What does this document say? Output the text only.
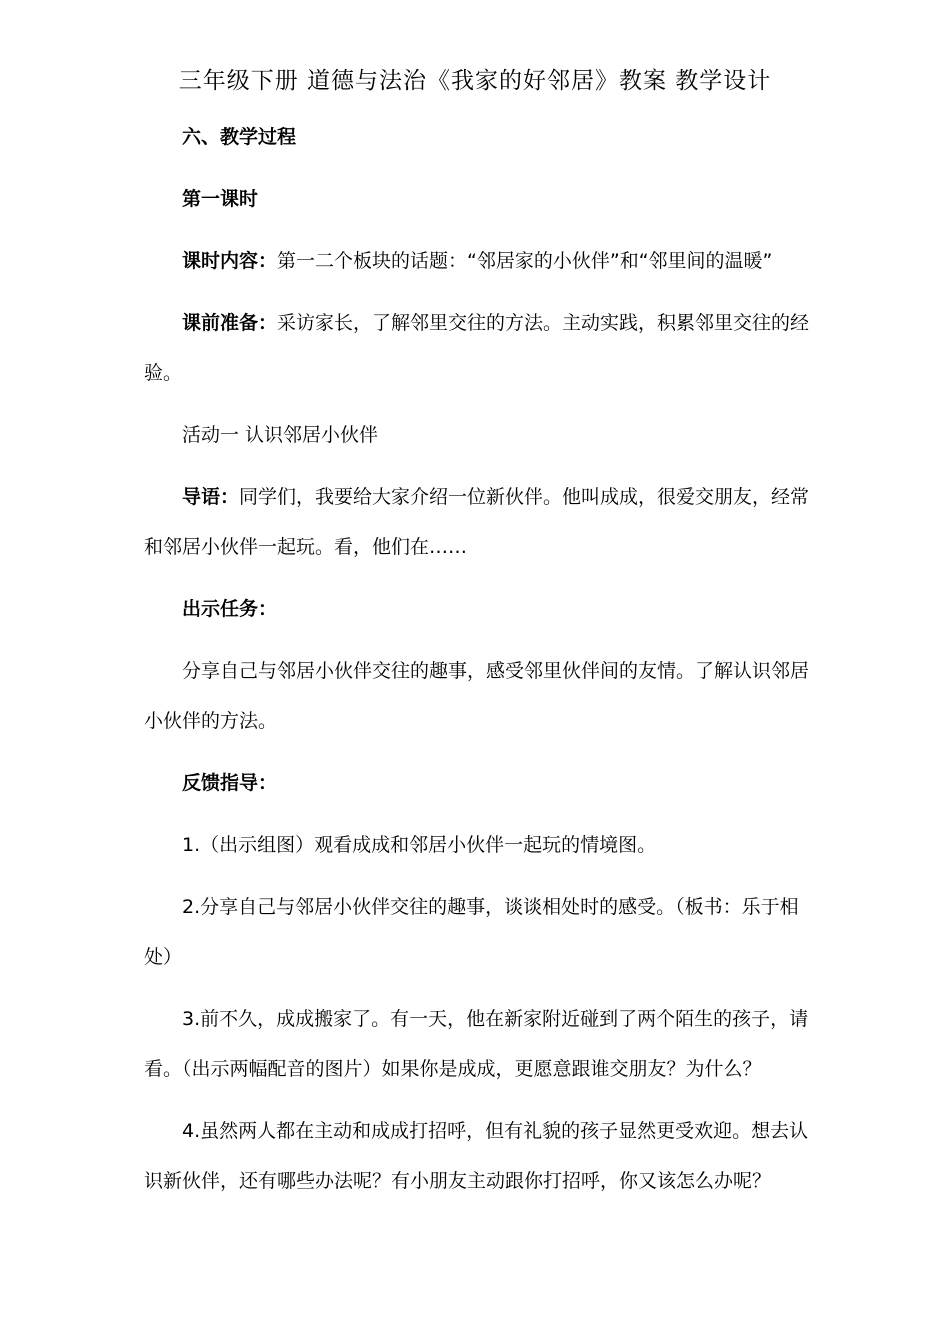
三年级下册 道德与法治《我家的好邻居》教案 教学设计
六、教学过程
第一课时
课时内容：第一二个板块的话题：“邻居家的小伙伴”和“邻里间的温暖”
课前准备：采访家长，了解邻里交往的方法。主动实践，积累邻里交往的经
验。
活动一 认识邻居小伙伴
导语：同学们，我要给大家介绍一位新伙伴。他叫成成，很爱交朋友，经常
和邻居小伙伴一起玩。看，他们在……
出示任务：
分享自己与邻居小伙伴交往的趣事，感受邻里伙伴间的友情。了解认识邻居
小伙伴的方法。
反馈指导：
1.（出示组图）观看成成和邻居小伙伴一起玩的情境图。
2.分享自己与邻居小伙伴交往的趣事，谈谈相处时的感受。（板书：乐于相
处）
3.前不久，成成搬家了。有一天，他在新家附近碰到了两个陌生的孩子，请
看。（出示两幅配音的图片）如果你是成成，更愿意跟谁交朋友？为什么？
4.虽然两人都在主动和成成打招呼，但有礼貌的孩子显然更受欢迎。想去认
识新伙伴，还有哪些办法呢？有小朋友主动跟你打招呼，你又该怎么办呢？
